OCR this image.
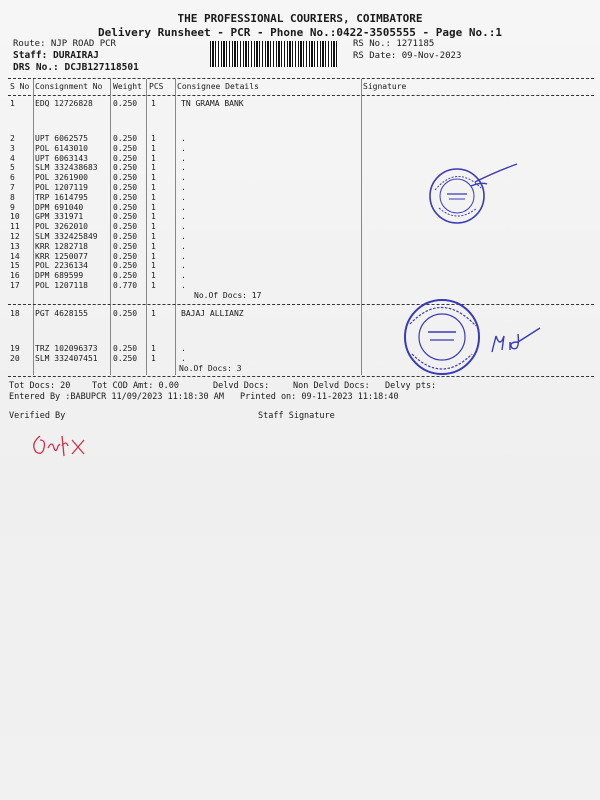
THE PROFESSIONAL COURIERS, COIMBATORE
Delivery Runsheet - PCR - Phone No.:0422-3505555 - Page No.:1
Route: NJP ROAD PCR
Staff: DURAIRAJ
DRS No.: DCJB127118501
RS No.: 1271185
RS Date: 09-Nov-2023
S No Consignment No Weight PCS Consignee Details	Signature
1	EDQ 12726828	0.250 1	TN GRAMA BANK
2	UPT 6062575	0.250 1	.
3	POL 6143010	0.250 1	.
4	UPT 6063143	0.250 1	.
5	SLM 332438683 0.250 1	.
6	POL 3261900	0.250 1	.
7	POL 1207119	0.250 1	.
8	TRP 1614795	0.250 1	.
9	DPM 691040	0.250 1	.
10 GPM 331971	0.250 1	.
11 POL 3262010	0.250 1	.
12 SLM 332425849 0.250 1	.
13 KRR 1282718	0.250 1	.
14 KRR 1250077	0.250 1	.
15 POL 2236134	0.250 1	.
16 DPM 689599	0.250 1	.
17 POL 1207118	0.770 1	.
No.Of Docs: 17
18 PGT 4628155	0.250 1	BAJAJ ALLIANZ
19 TRZ 102096373 0.250 1	.
20 SLM 332407451 0.250 1	.
No.Of Docs: 3
Tot Docs: 20	Tot COD Amt: 0.00	Delvd Docs:	Non Delvd Docs: Delvy pts:
Entered By :BABUPCR 11/09/2023 11:18:30 AM Printed on: 09-11-2023 11:18:40
Verified By	Staff Signature
